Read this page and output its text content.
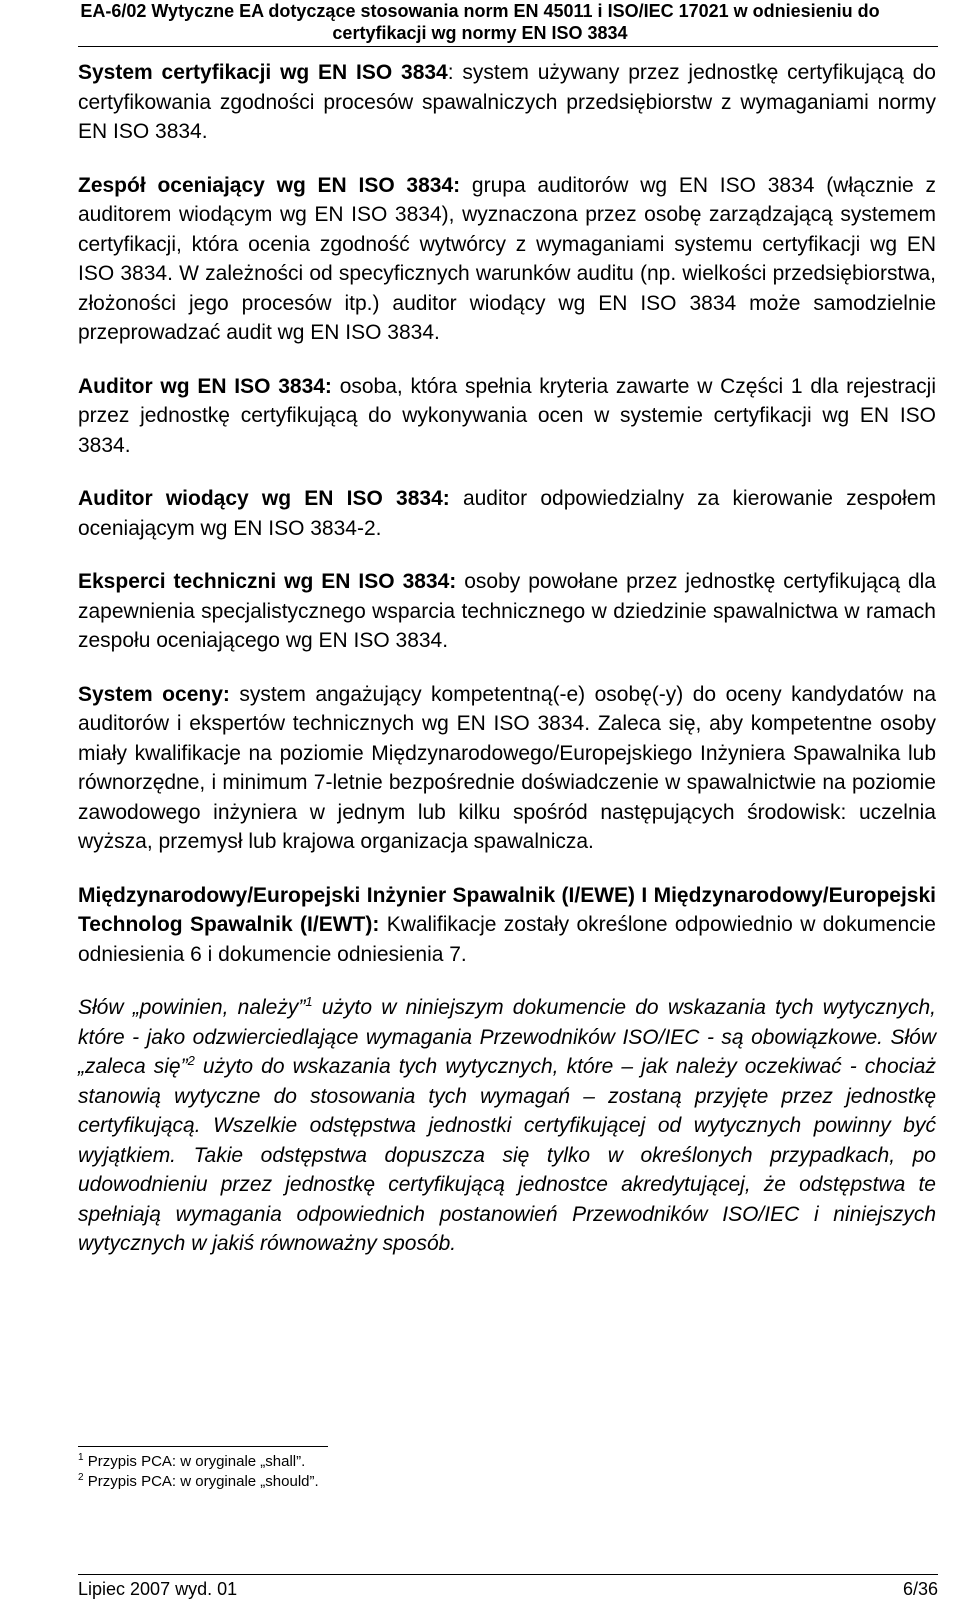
EA-6/02 Wytyczne EA dotyczące stosowania norm EN 45011 i ISO/IEC 17021 w odniesieniu do
certyfikacji wg normy EN ISO 3834

System certyfikacji wg EN ISO 3834: system używany przez jednostkę certyfikującą do certyfikowania zgodności procesów spawalniczych przedsiębiorstw z wymaganiami normy EN ISO 3834.

Zespół oceniający wg EN ISO 3834: grupa auditorów wg EN ISO 3834 (włącznie z auditorem wiodącym wg EN ISO 3834), wyznaczona przez osobę zarządzającą systemem certyfikacji, która ocenia zgodność wytwórcy z wymaganiami systemu certyfikacji wg EN ISO 3834. W zależności od specyficznych warunków auditu (np. wielkości przedsiębiorstwa, złożoności jego procesów itp.) auditor wiodący wg EN ISO 3834 może samodzielnie przeprowadzać audit wg EN ISO 3834.

Auditor wg EN ISO 3834: osoba, która spełnia kryteria zawarte w Części 1 dla rejestracji przez jednostkę certyfikującą do wykonywania ocen w systemie certyfikacji wg EN ISO 3834.

Auditor wiodący wg EN ISO 3834: auditor odpowiedzialny za kierowanie zespołem oceniającym wg EN ISO 3834-2.

Eksperci techniczni wg EN ISO 3834: osoby powołane przez jednostkę certyfikującą dla zapewnienia specjalistycznego wsparcia technicznego w dziedzinie spawalnictwa w ramach zespołu oceniającego wg EN ISO 3834.

System oceny: system angażujący kompetentną(-e) osobę(-y) do oceny kandydatów na auditorów i ekspertów technicznych wg EN ISO 3834. Zaleca się, aby kompetentne osoby miały kwalifikacje na poziomie Międzynarodowego/Europejskiego Inżyniera Spawalnika lub równorzędne, i minimum 7-letnie bezpośrednie doświadczenie w spawalnictwie na poziomie zawodowego inżyniera w jednym lub kilku spośród następujących środowisk: uczelnia wyższa, przemysł lub krajowa organizacja spawalnicza.

Międzynarodowy/Europejski Inżynier Spawalnik (I/EWE) I Międzynarodowy/Europejski Technolog Spawalnik (I/EWT): Kwalifikacje zostały określone odpowiednio w dokumencie odniesienia 6 i dokumencie odniesienia 7.

Słów „powinien, należy”$^1$ użyto w niniejszym dokumencie do wskazania tych wytycznych, które - jako odzwierciedlające wymagania Przewodników ISO/IEC - są obowiązkowe. Słów „zaleca się”$^2$ użyto do wskazania tych wytycznych, które – jak należy oczekiwać - chociaż stanowią wytyczne do stosowania tych wymagań – zostaną przyjęte przez jednostkę certyfikującą. Wszelkie odstępstwa jednostki certyfikującej od wytycznych powinny być wyjątkiem. Takie odstępstwa dopuszcza się tylko w określonych przypadkach, po udowodnieniu przez jednostkę certyfikującą jednostce akredytującej, że odstępstwa te spełniają wymagania odpowiednich postanowień Przewodników ISO/IEC i niniejszych wytycznych w jakiś równoważny sposób.

$^1$ Przypis PCA: w oryginale „shall”.
$^2$ Przypis PCA: w oryginale „should”.
Lipiec 2007 wyd. 01	6/36
